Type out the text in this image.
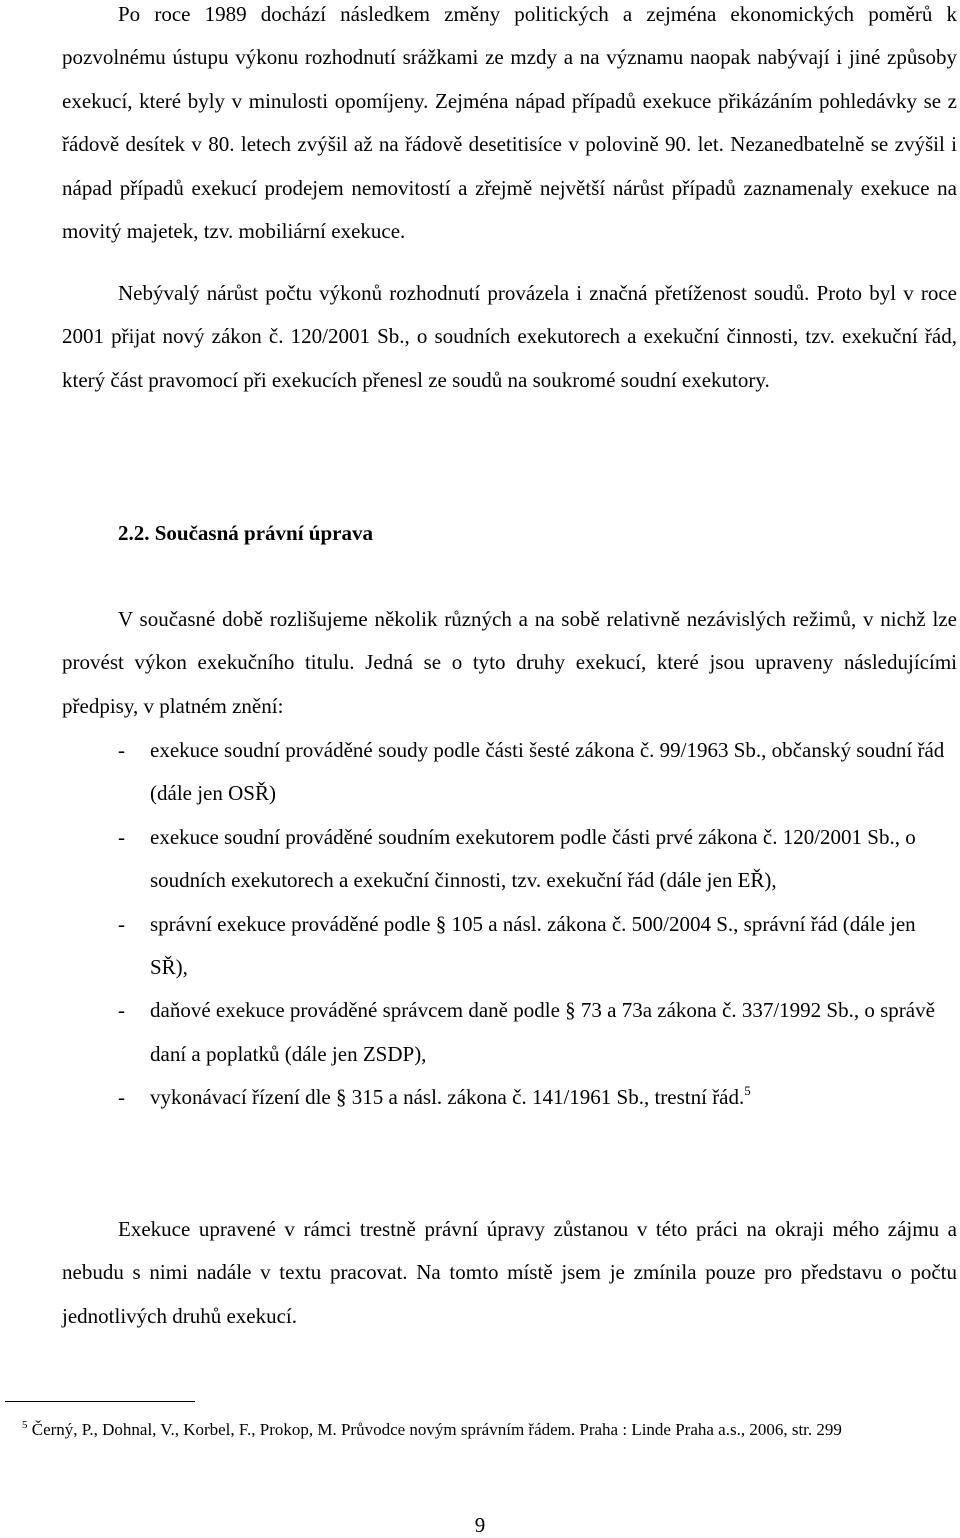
Po roce 1989 dochází následkem změny politických a zejména ekonomických poměrů k pozvolnému ústupu výkonu rozhodnutí srážkami ze mzdy a na významu naopak nabývají i jiné způsoby exekucí, které byly v minulosti opomíjeny. Zejména nápad případů exekuce přikázáním pohledávky se z řádově desítek v 80. letech zvýšil až na řádově desetitisíce v polovině 90. let. Nezanedbatelně se zvýšil i nápad případů exekucí prodejem nemovitostí a zřejmě největší nárůst případů zaznamenaly exekuce na movitý majetek, tzv. mobiliární exekuce.

Nebývalý nárůst počtu výkonů rozhodnutí provázela i značná přetíženost soudů. Proto byl v roce 2001 přijat nový zákon č. 120/2001 Sb., o soudních exekutorech a exekuční činnosti, tzv. exekuční řád, který část pravomocí při exekucích přenesl ze soudů na soukromé soudní exekutory.

2.2. Současná právní úprava

V současné době rozlišujeme několik různých a na sobě relativně nezávislých režimů, v nichž lze provést výkon exekučního titulu. Jedná se o tyto druhy exekucí, které jsou upraveny následujícími předpisy, v platném znění:

- exekuce soudní prováděné soudy podle části šesté zákona č. 99/1963 Sb., občanský soudní řád (dále jen OSŘ)
- exekuce soudní prováděné soudním exekutorem podle části prvé zákona č. 120/2001 Sb., o soudních exekutorech a exekuční činnosti, tzv. exekuční řád (dále jen EŘ),
- správní exekuce prováděné podle § 105 a násl. zákona č. 500/2004 S., správní řád (dále jen SŘ),
- daňové exekuce prováděné správcem daně podle § 73 a 73a zákona č. 337/1992 Sb., o správě daní a poplatků (dále jen ZSDP),
- vykonávací řízení dle § 315 a násl. zákona č. 141/1961 Sb., trestní řád.$^5$

Exekuce upravené v rámci trestně právní úpravy zůstanou v této práci na okraji mého zájmu a nebudu s nimi nadále v textu pracovat. Na tomto místě jsem je zmínila pouze pro představu o počtu jednotlivých druhů exekucí.

$^5$ Černý, P., Dohnal, V., Korbel, F., Prokop, M. Průvodce novým správním řádem. Praha : Linde Praha a.s., 2006, str. 299

9
